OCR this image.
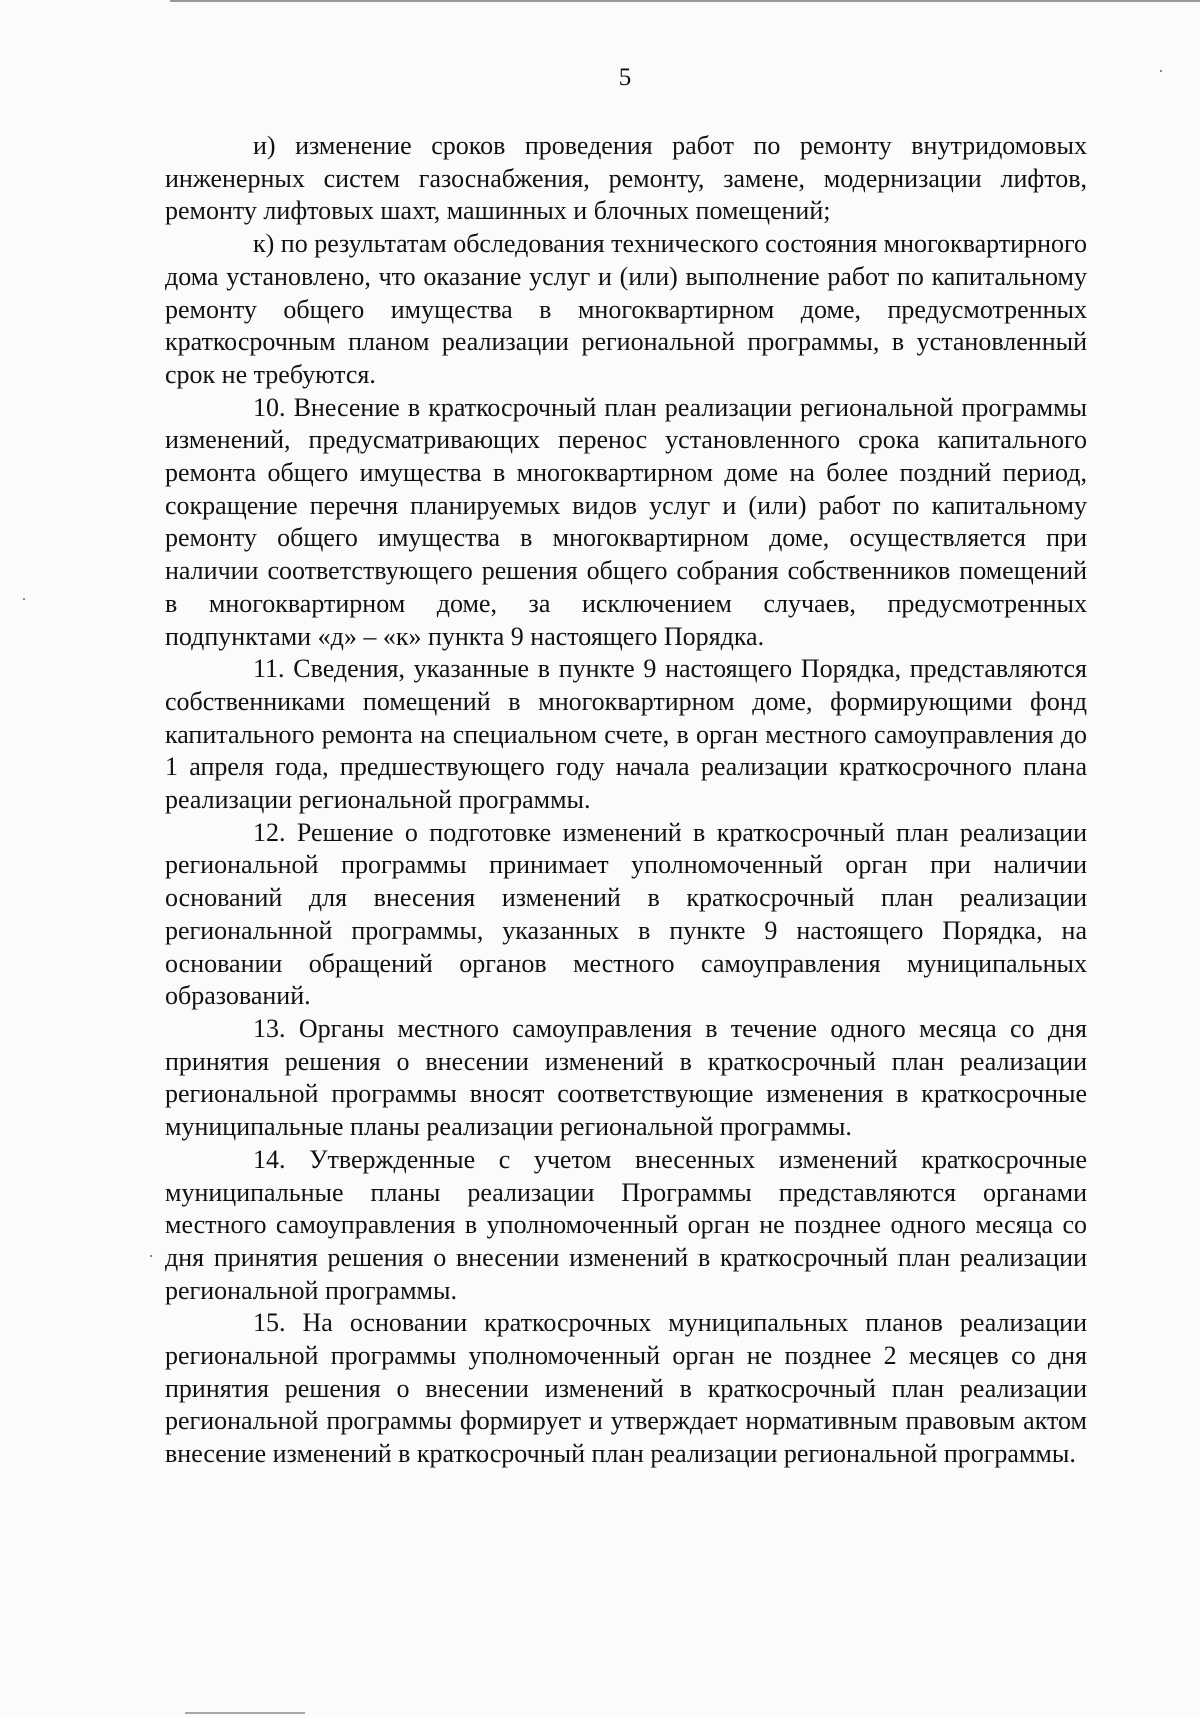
5

и) изменение сроков проведения работ по ремонту внутридомовых инженерных систем газоснабжения, ремонту, замене, модернизации лифтов, ремонту лифтовых шахт, машинных и блочных помещений;

к) по результатам обследования технического состояния многоквартирного дома установлено, что оказание услуг и (или) выполнение работ по капитальному ремонту общего имущества в многоквартирном доме, предусмотренных краткосрочным планом реализации региональной программы, в установленный срок не требуются.

10. Внесение в краткосрочный план реализации региональной программы изменений, предусматривающих перенос установленного срока капитального ремонта общего имущества в многоквартирном доме на более поздний период, сокращение перечня планируемых видов услуг и (или) работ по капитальному ремонту общего имущества в многоквартирном доме, осуществляется при наличии соответствующего решения общего собрания собственников помещений в многоквартирном доме, за исключением случаев, предусмотренных подпунктами «д» – «к» пункта 9 настоящего Порядка.

11. Сведения, указанные в пункте 9 настоящего Порядка, представляются собственниками помещений в многоквартирном доме, формирующими фонд капитального ремонта на специальном счете, в орган местного самоуправления до 1 апреля года, предшествующего году начала реализации краткосрочного плана реализации региональной программы.

12. Решение о подготовке изменений в краткосрочный план реализации региональной программы принимает уполномоченный орган при наличии оснований для внесения изменений в краткосрочный план реализации региональнной программы, указанных в пункте 9 настоящего Порядка, на основании обращений органов местного самоуправления муниципальных образований.

13. Органы местного самоуправления в течение одного месяца со дня принятия решения о внесении изменений в краткосрочный план реализации региональной программы вносят соответствующие изменения в краткосрочные муниципальные планы реализации региональной программы.

14. Утвержденные с учетом внесенных изменений краткосрочные муниципальные планы реализации Программы представляются органами местного самоуправления в уполномоченный орган не позднее одного месяца со дня принятия решения о внесении изменений в краткосрочный план реализации региональной программы.

15. На основании краткосрочных муниципальных планов реализации региональной программы уполномоченный орган не позднее 2 месяцев со дня принятия решения о внесении изменений в краткосрочный план реализации региональной программы формирует и утверждает нормативным правовым актом внесение изменений в краткосрочный план реализации региональной программы.
